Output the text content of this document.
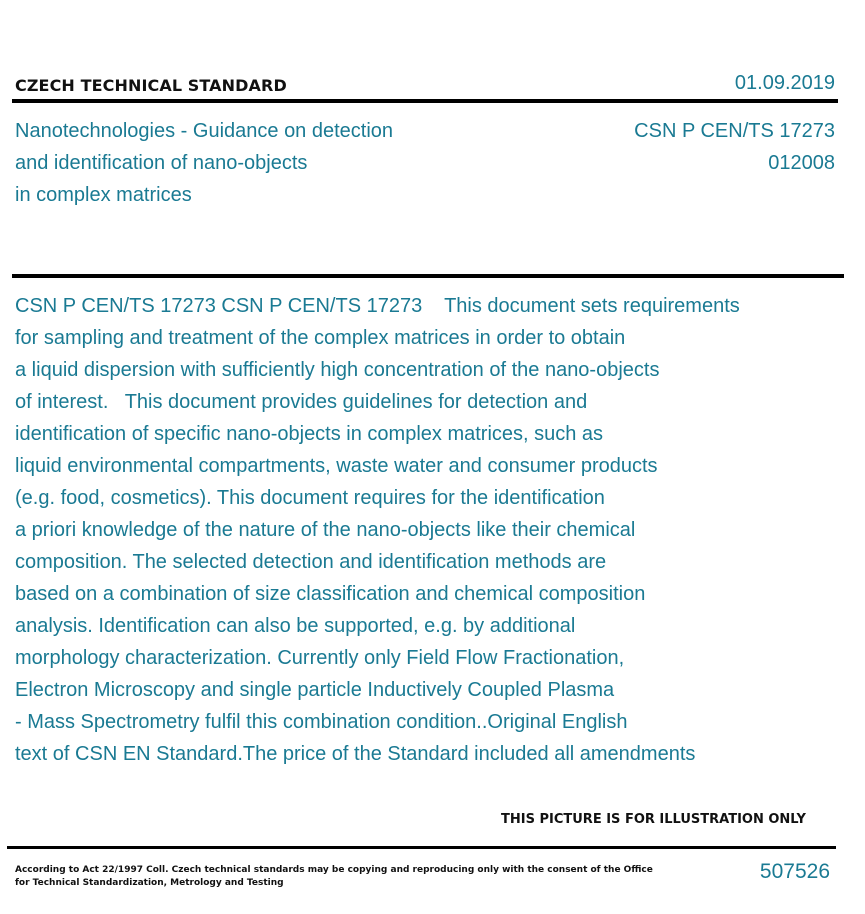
CZECH TECHNICAL STANDARD	01.09.2019
Nanotechnologies - Guidance on detection
and identification of nano-objects
in complex matrices
CSN P CEN/TS 17273
012008
CSN P CEN/TS 17273 CSN P CEN/TS 17273    This document sets requirements
for sampling and treatment of the complex matrices in order to obtain
a liquid dispersion with sufficiently high concentration of the nano-objects
of interest.   This document provides guidelines for detection and
identification of specific nano-objects in complex matrices, such as
liquid environmental compartments, waste water and consumer products
(e.g. food, cosmetics). This document requires for the identification
a priori knowledge of the nature of the nano-objects like their chemical
composition. The selected detection and identification methods are
based on a combination of size classification and chemical composition
analysis. Identification can also be supported, e.g. by additional
morphology characterization. Currently only Field Flow Fractionation,
Electron Microscopy and single particle Inductively Coupled Plasma
- Mass Spectrometry fulfil this combination condition..Original English
text of CSN EN Standard.The price of the Standard included all amendments
THIS PICTURE IS FOR ILLUSTRATION ONLY
According to Act 22/1997 Coll. Czech technical standards may be copying and reproducing only with the consent of the Office
for Technical Standardization, Metrology and Testing	507526
